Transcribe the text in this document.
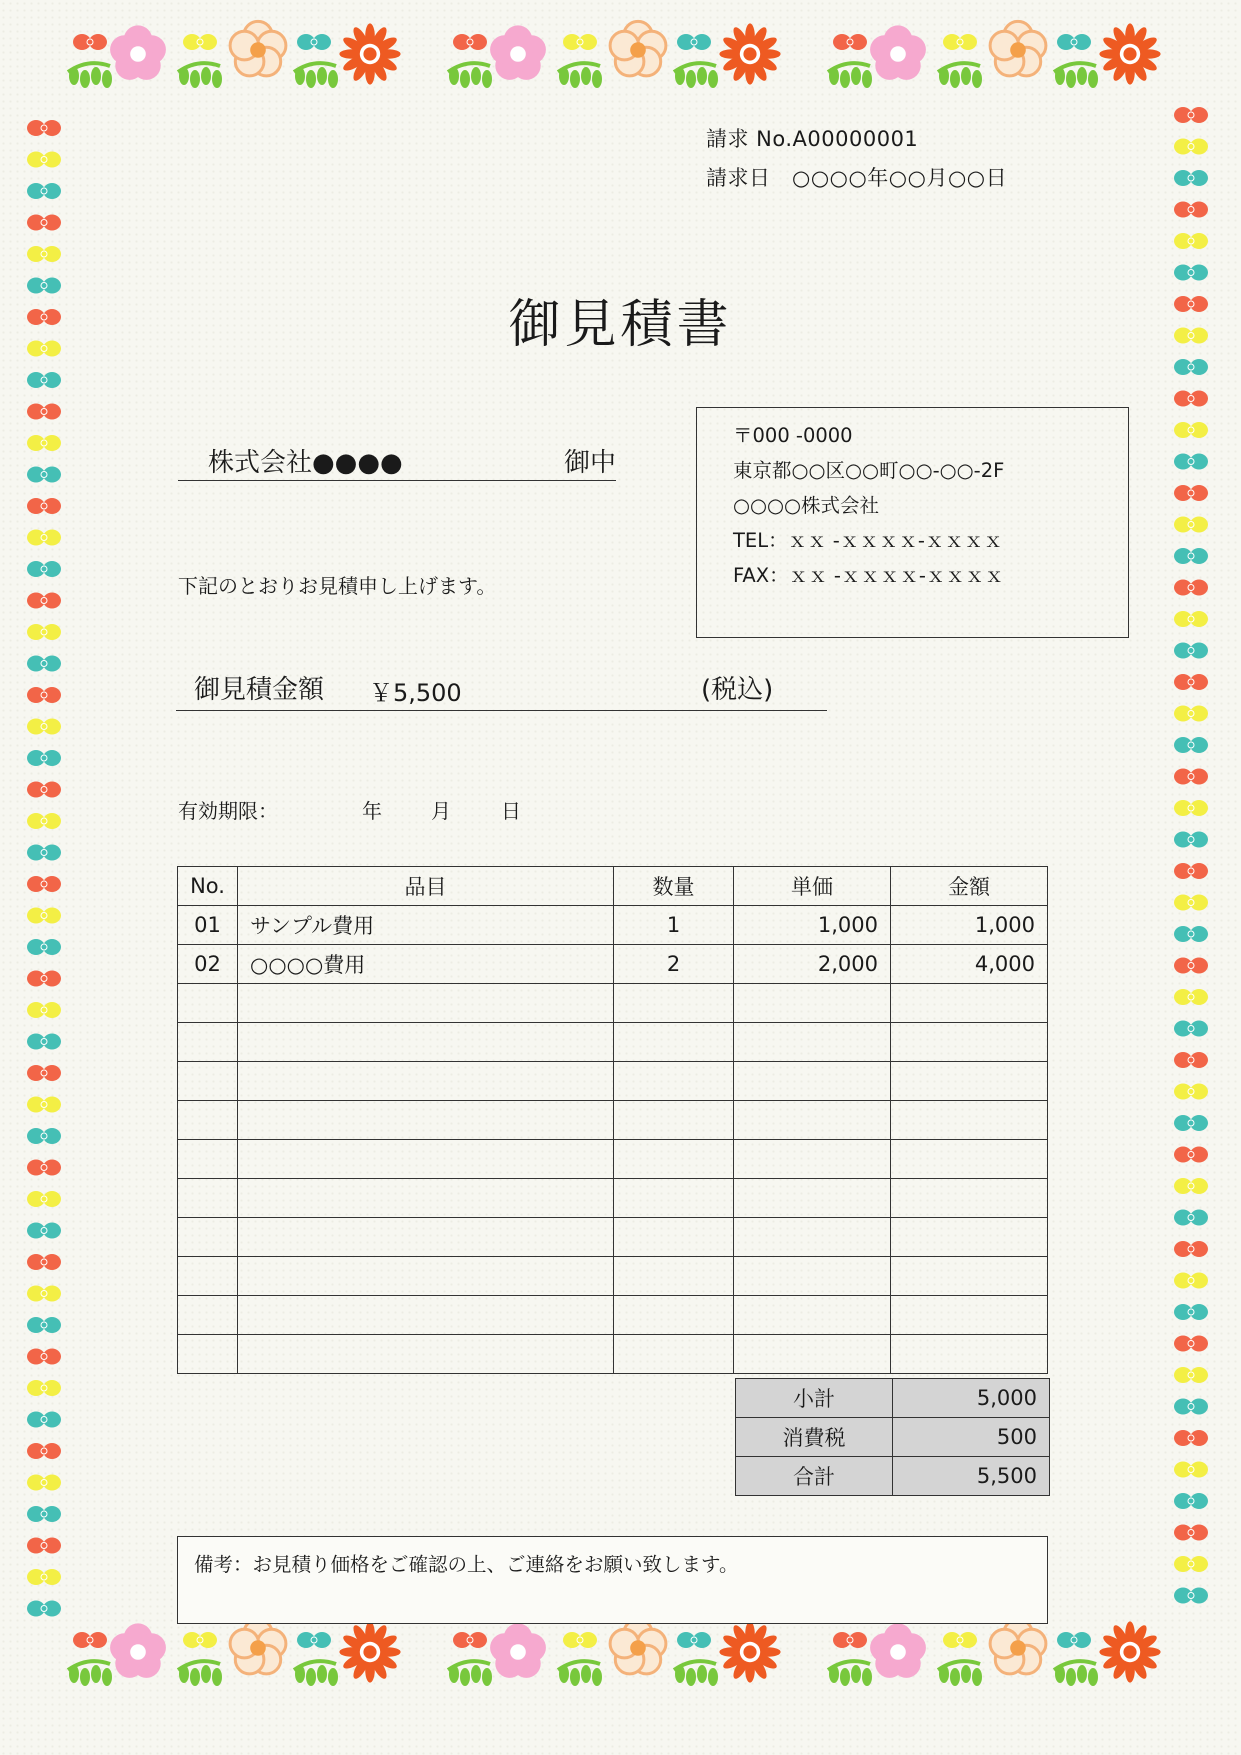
請求 No.A00000001
請求日　○○○○年○○月○○日
御見積書
株式会社●●●●	御中
〒000 -0000
東京都○○区○○町○○-○○-2F
○○○○株式会社
TEL：ｘｘ -ｘｘｘｘ-ｘｘｘｘ
FAX：ｘｘ -ｘｘｘｘ-ｘｘｘｘ
下記のとおりお見積申し上げます。
御見積金額 ￥5,500	(税込)
有効期限：	年 月	日
No.	品目	数量	単価	金額
01	サンプル費用	1	1,000	1,000
02	○○○○費用	2	2,000	4,000

小計	5,000
消費税	500
合計	5,500
備考：お見積り価格をご確認の上、ご連絡をお願い致します。
